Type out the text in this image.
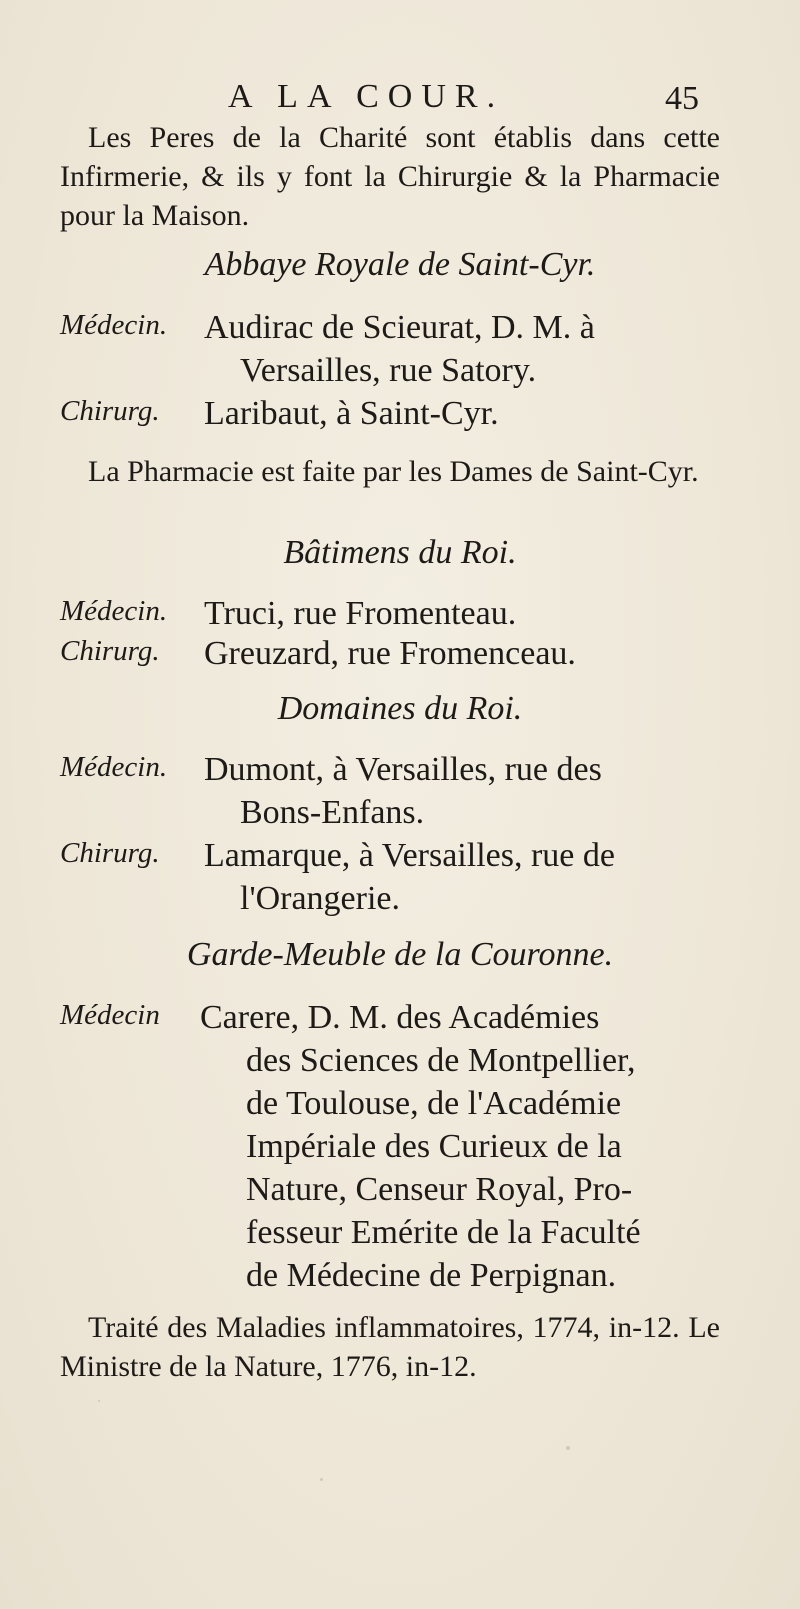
A LA COUR.	45

Les Peres de la Charité sont établis dans cette Infirmerie, & ils y font la Chirurgie & la Pharmacie pour la Maison.

Abbaye Royale de Saint-Cyr.
Médecin. Audirac de Scieurat, D. M. à
Versailles, rue Satory.
Chirurg. Laribaut, à Saint-Cyr.

La Pharmacie est faite par les Dames de Saint-Cyr.

Bâtimens du Roi.
Médecin. Truci, rue Fromenteau.
Chirurg. Greuzard, rue Fromenceau.
Domaines du Roi.
Médecin. Dumont, à Versailles, rue des
Bons-Enfans.
Chirurg. Lamarque, à Versailles, rue de
l'Orangerie.
Garde-Meuble de la Couronne.
Médecin Carere, D. M. des Académies
des Sciences de Montpellier,
de Toulouse, de l'Académie
Impériale des Curieux de la
Nature, Censeur Royal, Pro-
fesseur Emérite de la Faculté
de Médecine de Perpignan.

Traité des Maladies inflammatoires, 1774, in-12. Le Ministre de la Nature, 1776, in-12.
